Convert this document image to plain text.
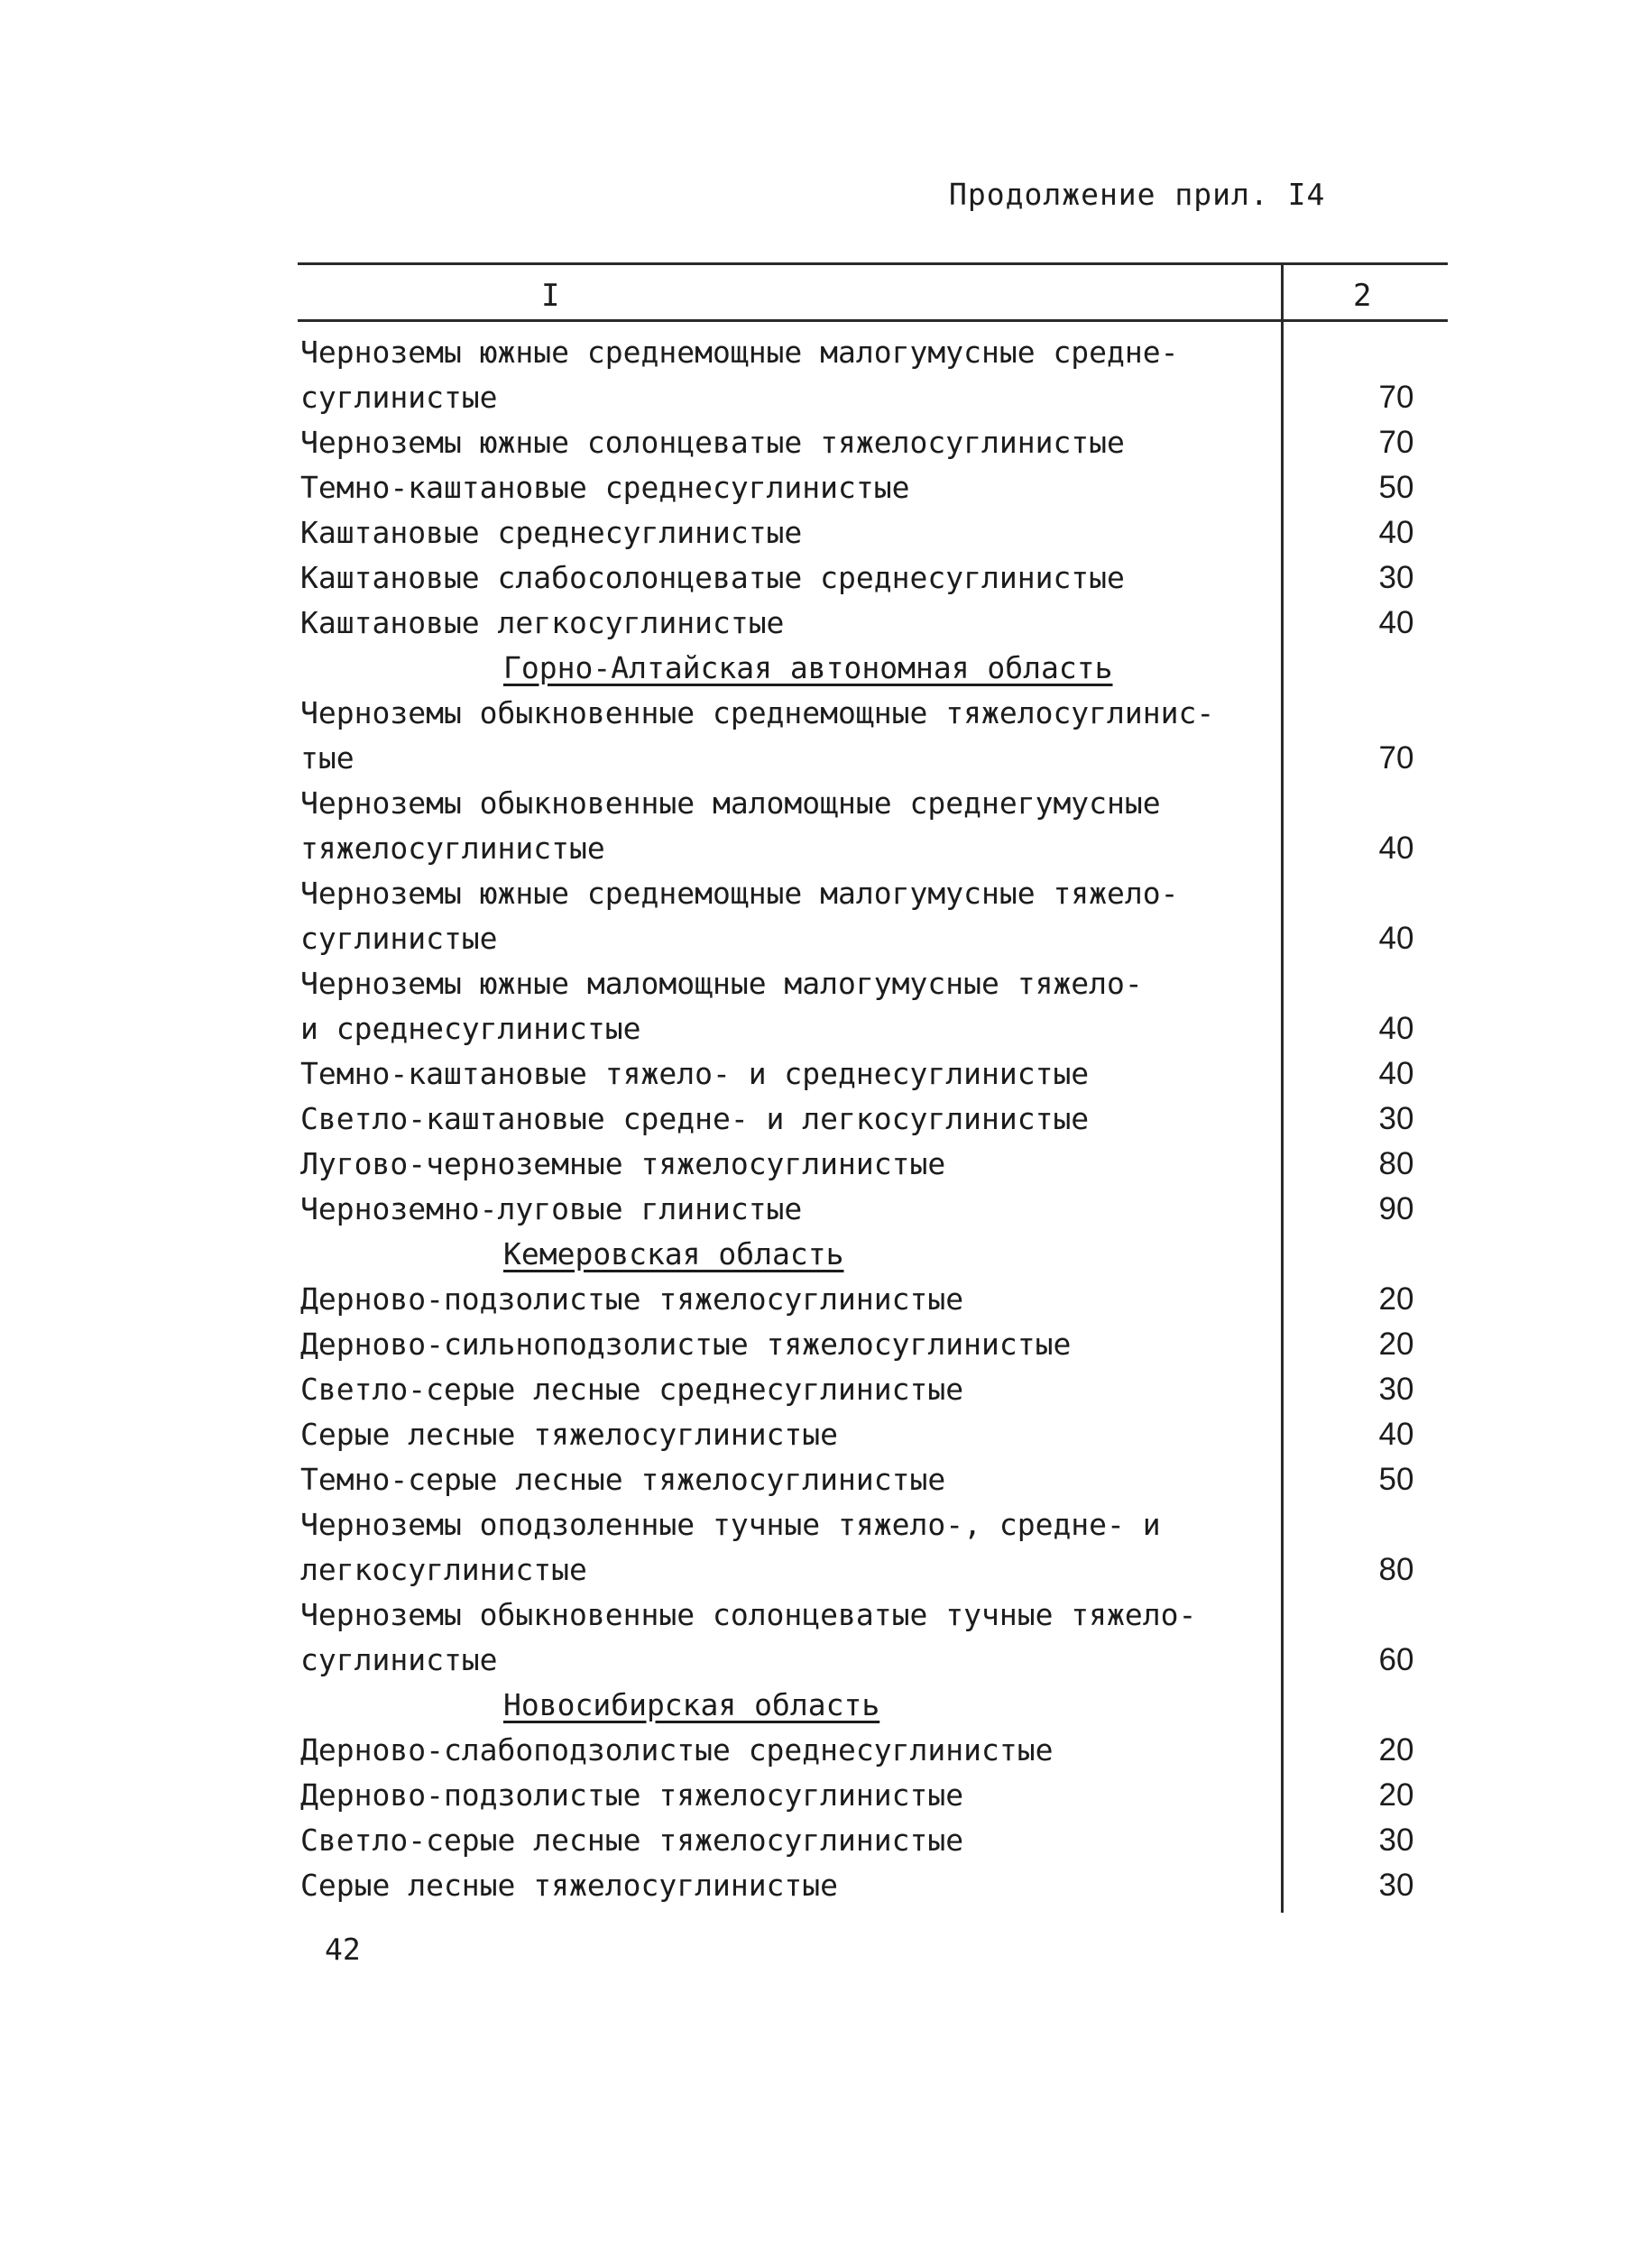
Продолжение прил. I4
I	2
Черноземы южные среднемощные малогумусные средне-
суглинистые	70
Черноземы южные солонцеватые тяжелосуглинистые	70
Темно-каштановые среднесуглинистые	50
Каштановые среднесуглинистые	40
Каштановые слабосолонцеватые среднесуглинистые	30
Каштановые легкосуглинистые	40
Горно-Алтайская автономная область
Черноземы обыкновенные среднемощные тяжелосуглинис-
тые	70
Черноземы обыкновенные маломощные среднегумусные
тяжелосуглинистые	40
Черноземы южные среднемощные малогумусные тяжело-
суглинистые	40
Черноземы южные маломощные малогумусные тяжело-
и среднесуглинистые	40
Темно-каштановые тяжело- и среднесуглинистые	40
Светло-каштановые средне- и легкосуглинистые	30
Лугово-черноземные тяжелосуглинистые	80
Черноземно-луговые глинистые	90
Кемеровская область
Дерново-подзолистые тяжелосуглинистые	20
Дерново-сильноподзолистые тяжелосуглинистые	20
Светло-серые лесные среднесуглинистые	30
Серые лесные тяжелосуглинистые	40
Темно-серые лесные тяжелосуглинистые	50
Черноземы оподзоленные тучные тяжело-, средне- и
легкосуглинистые	80
Черноземы обыкновенные солонцеватые тучные тяжело-
суглинистые	60
Новосибирская область
Дерново-слабоподзолистые среднесуглинистые	20
Дерново-подзолистые тяжелосуглинистые	20
Светло-серые лесные тяжелосуглинистые	30
Серые лесные тяжелосуглинистые	30
42
